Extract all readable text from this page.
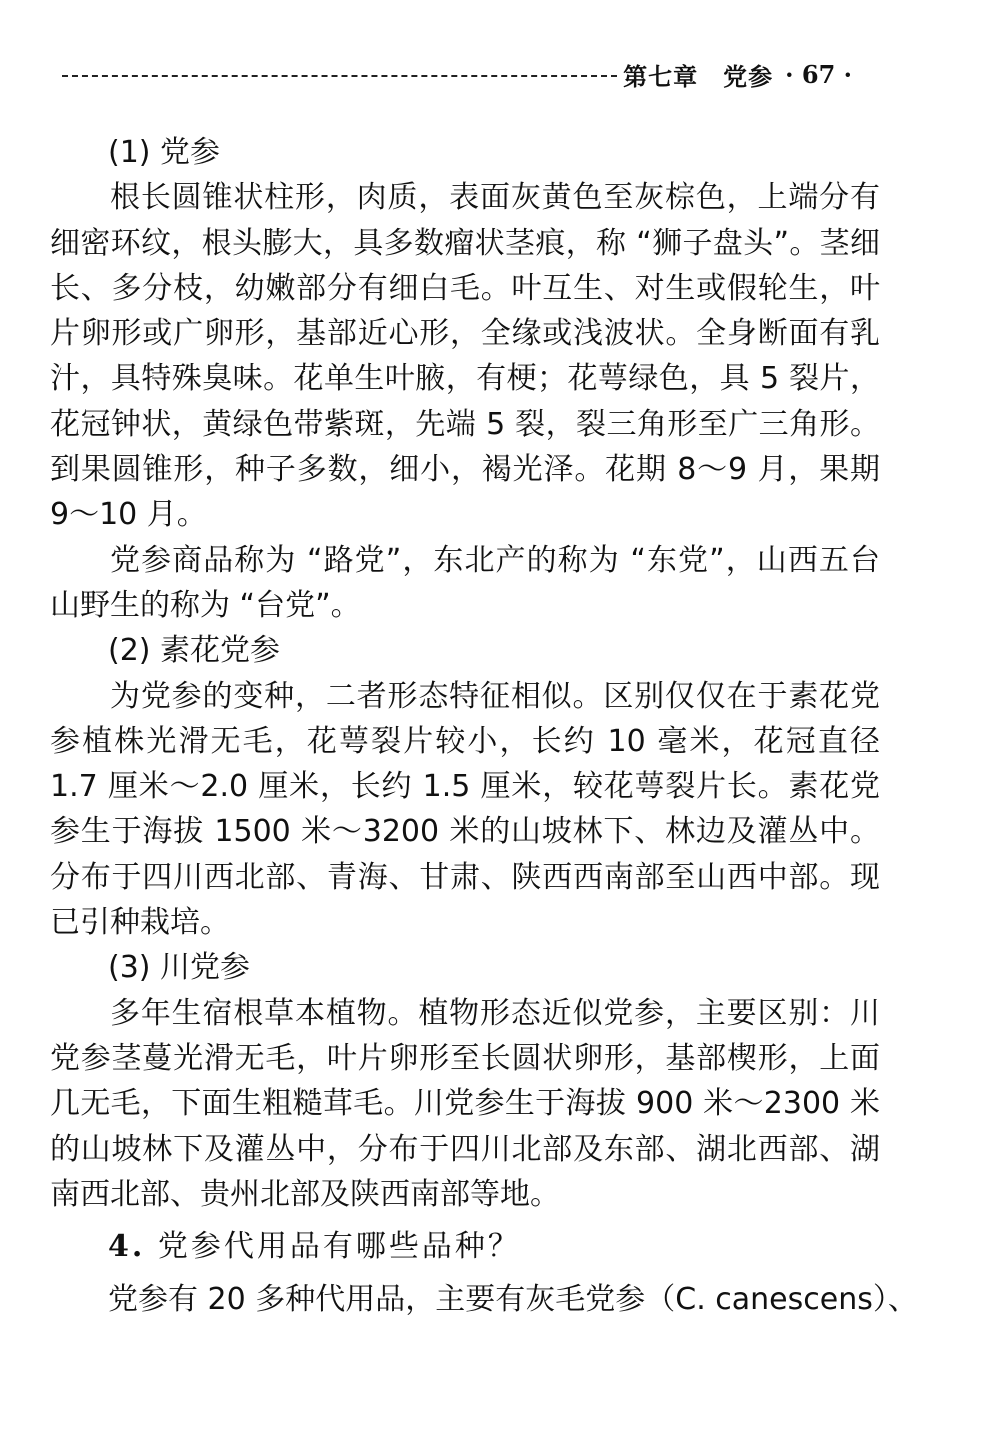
第七章　党参 · 67 ·

(1) 党参

根长圆锥状柱形，肉质，表面灰黄色至灰棕色，上端分有细密环纹，根头膨大，具多数瘤状茎痕，称 “狮子盘头”。茎细长、多分枝，幼嫩部分有细白毛。叶互生、对生或假轮生，叶片卵形或广卵形，基部近心形，全缘或浅波状。全身断面有乳汁，具特殊臭味。花单生叶腋，有梗；花萼绿色，具 5 裂片，花冠钟状，黄绿色带紫斑，先端 5 裂，裂三角形至广三角形。到果圆锥形，种子多数，细小，褐光泽。花期 8～9 月，果期 9～10 月。

党参商品称为 “路党”，东北产的称为 “东党”，山西五台山野生的称为 “台党”。

(2) 素花党参

为党参的变种，二者形态特征相似。区别仅仅在于素花党参植株光滑无毛，花萼裂片较小，长约 10 毫米，花冠直径 1.7 厘米～2.0 厘米，长约 1.5 厘米，较花萼裂片长。素花党参生于海拔 1500 米～3200 米的山坡林下、林边及灌丛中。分布于四川西北部、青海、甘肃、陕西西南部至山西中部。现已引种栽培。

(3) 川党参

多年生宿根草本植物。植物形态近似党参，主要区别：川党参茎蔓光滑无毛，叶片卵形至长圆状卵形，基部楔形，上面几无毛，下面生粗糙茸毛。川党参生于海拔 900 米～2300 米的山坡林下及灌丛中，分布于四川北部及东部、湖北西部、湖南西北部、贵州北部及陕西南部等地。

4. 党参代用品有哪些品种？

党参有 20 多种代用品，主要有灰毛党参（C. canescens）、
